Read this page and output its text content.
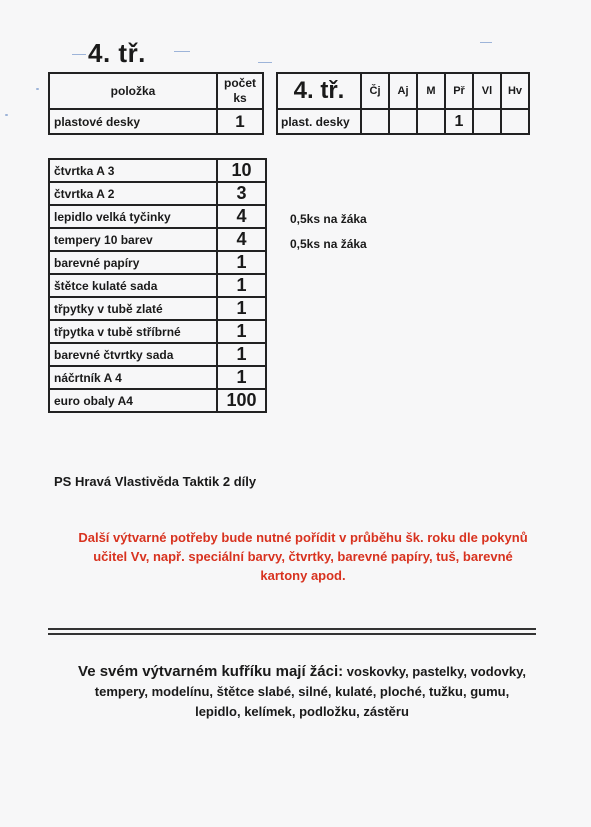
4. tř.
položka	počet
ks
plastové desky	1
4. tř.	Čj	Aj	M	Př	Vl	Hv
plast. desky				1		
čtvrtka A 3	10
čtvrtka A 2	3
lepidlo velká tyčinky	4
tempery 10 barev	4
barevné papíry	1
štětce kulaté sada	1
třpytky v tubě zlaté	1
třpytka v tubě stříbrné	1
barevné čtvrtky sada	1
náčrtník A 4	1
euro obaly A4	100
0,5ks na žáka
0,5ks na žáka
PS Hravá Vlastivěda Taktik 2 díly
Další výtvarné potřeby bude nutné pořídit v průběhu šk. roku dle pokynů
učitel Vv, např. speciální barvy, čtvrtky, barevné papíry, tuš, barevné
kartony apod.
Ve svém výtvarném kufříku mají žáci: voskovky, pastelky, vodovky,
tempery, modelínu, štětce slabé, silné, kulaté, ploché, tužku, gumu,
lepidlo, kelímek, podložku, zástěru
